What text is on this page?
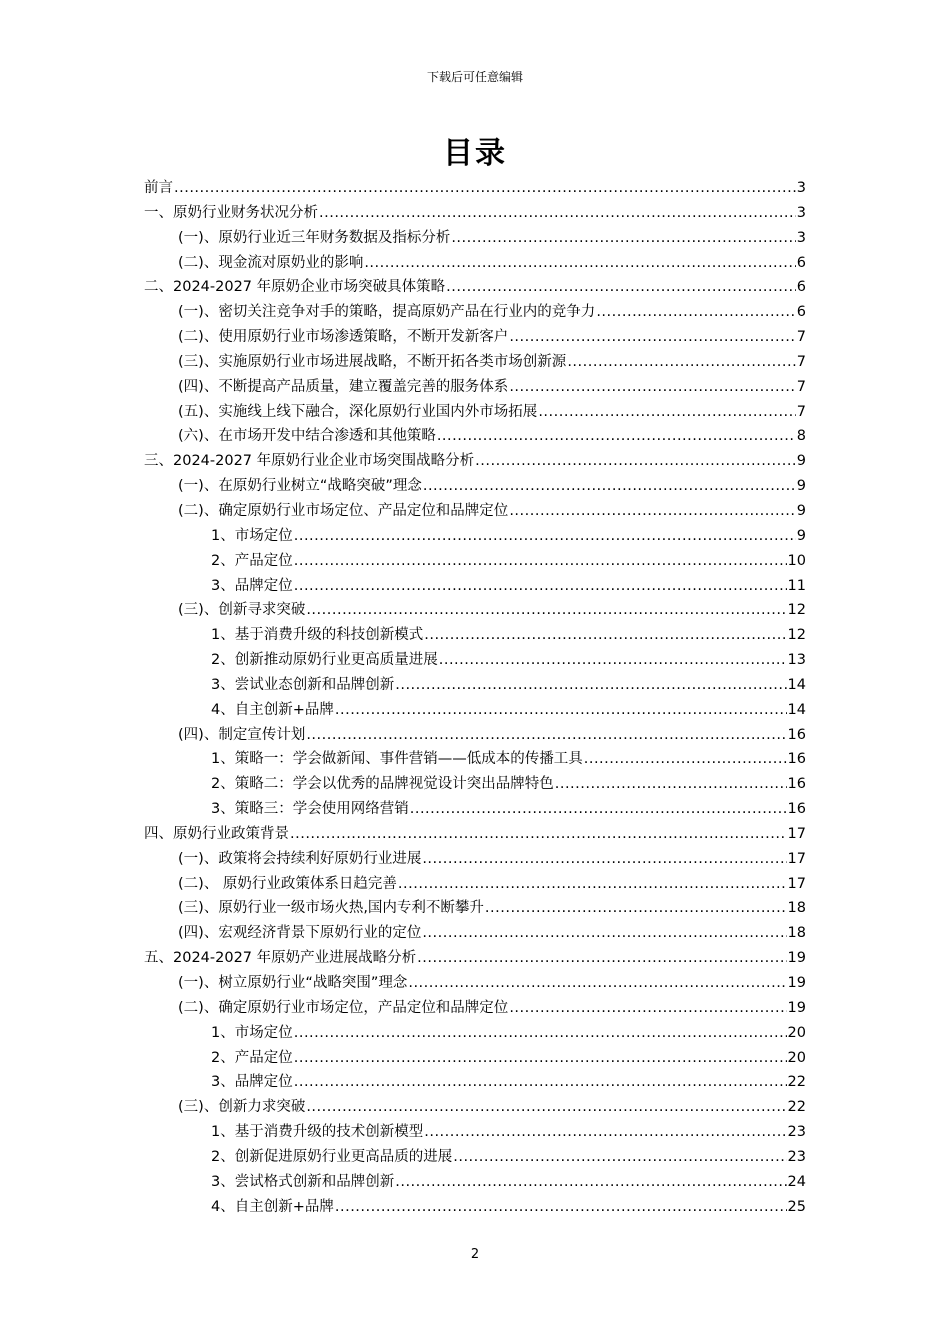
下载后可任意编辑
目录
前言 .....	3
一、原奶行业财务状况分析 .....	3
(一)、原奶行业近三年财务数据及指标分析 .....	3
(二)、现金流对原奶业的影响 .....	6
二、2024-2027 年原奶企业市场突破具体策略 .....	6
(一)、密切关注竞争对手的策略，提高原奶产品在行业内的竞争力 .....	6
(二)、使用原奶行业市场渗透策略，不断开发新客户 .....	7
(三)、实施原奶行业市场进展战略，不断开拓各类市场创新源 .....	7
(四)、不断提高产品质量，建立覆盖完善的服务体系 .....	7
(五)、实施线上线下融合，深化原奶行业国内外市场拓展 .....	7
(六)、在市场开发中结合渗透和其他策略 .....	8
三、2024-2027 年原奶行业企业市场突围战略分析 .....	9
(一)、在原奶行业树立“战略突破”理念 .....	9
(二)、确定原奶行业市场定位、产品定位和品牌定位 .....	9
1、市场定位 .....	9
2、产品定位 .....	10
3、品牌定位 .....	11
(三)、创新寻求突破 .....	12
1、基于消费升级的科技创新模式 .....	12
2、创新推动原奶行业更高质量进展 .....	13
3、尝试业态创新和品牌创新 .....	14
4、自主创新+品牌 .....	14
(四)、制定宣传计划 .....	16
1、策略一：学会做新闻、事件营销——低成本的传播工具 .....	16
2、策略二：学会以优秀的品牌视觉设计突出品牌特色 .....	16
3、策略三：学会使用网络营销 .....	16
四、原奶行业政策背景 .....	17
(一)、政策将会持续利好原奶行业进展 .....	17
(二)、 原奶行业政策体系日趋完善 .....	17
(三)、原奶行业一级市场火热,国内专利不断攀升 .....	18
(四)、宏观经济背景下原奶行业的定位 .....	18
五、2024-2027 年原奶产业进展战略分析 .....	19
(一)、树立原奶行业“战略突围”理念 .....	19
(二)、确定原奶行业市场定位，产品定位和品牌定位 .....	19
1、市场定位 .....	20
2、产品定位 .....	20
3、品牌定位 .....	22
(三)、创新力求突破 .....	22
1、基于消费升级的技术创新模型 .....	23
2、创新促进原奶行业更高品质的进展 .....	23
3、尝试格式创新和品牌创新 .....	24
4、自主创新+品牌 .....	25
2
